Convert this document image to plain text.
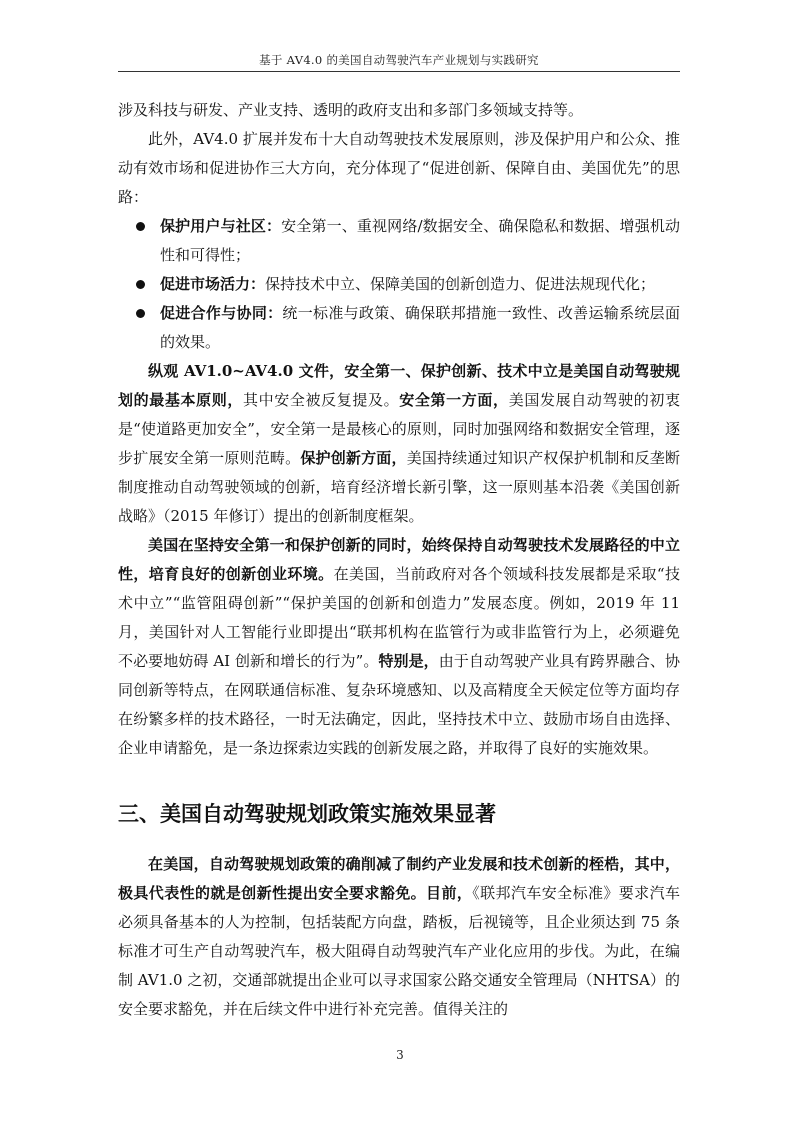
基于 AV4.0 的美国自动驾驶汽车产业规划与实践研究

涉及科技与研发、产业支持、透明的政府支出和多部门多领域支持等。

此外，AV4.0 扩展并发布十大自动驾驶技术发展原则，涉及保护用户和公众、推动有效市场和促进协作三大方向，充分体现了“促进创新、保障自由、美国优先”的思路：

保护用户与社区：安全第一、重视网络/数据安全、确保隐私和数据、增强机动性和可得性；
促进市场活力：保持技术中立、保障美国的创新创造力、促进法规现代化；
促进合作与协同：统一标准与政策、确保联邦措施一致性、改善运输系统层面的效果。

纵观 AV1.0~AV4.0 文件，安全第一、保护创新、技术中立是美国自动驾驶规划的最基本原则，其中安全被反复提及。安全第一方面，美国发展自动驾驶的初衷是“使道路更加安全”，安全第一是最核心的原则，同时加强网络和数据安全管理，逐步扩展安全第一原则范畴。保护创新方面，美国持续通过知识产权保护机制和反垄断制度推动自动驾驶领域的创新，培育经济增长新引擎，这一原则基本沿袭《美国创新战略》（2015 年修订）提出的创新制度框架。

美国在坚持安全第一和保护创新的同时，始终保持自动驾驶技术发展路径的中立性，培育良好的创新创业环境。在美国，当前政府对各个领域科技发展都是采取“技术中立”“监管阻碍创新”“保护美国的创新和创造力”发展态度。例如，2019 年 11 月，美国针对人工智能行业即提出“联邦机构在监管行为或非监管行为上，必须避免不必要地妨碍 AI 创新和增长的行为”。特别是，由于自动驾驶产业具有跨界融合、协同创新等特点，在网联通信标准、复杂环境感知、以及高精度全天候定位等方面均存在纷繁多样的技术路径，一时无法确定，因此，坚持技术中立、鼓励市场自由选择、企业申请豁免，是一条边探索边实践的创新发展之路，并取得了良好的实施效果。

三、美国自动驾驶规划政策实施效果显著

在美国，自动驾驶规划政策的确削减了制约产业发展和技术创新的桎梏，其中，极具代表性的就是创新性提出安全要求豁免。目前，《联邦汽车安全标准》要求汽车必须具备基本的人为控制，包括装配方向盘，踏板，后视镜等，且企业须达到 75 条标准才可生产自动驾驶汽车，极大阻碍自动驾驶汽车产业化应用的步伐。为此，在编制 AV1.0 之初，交通部就提出企业可以寻求国家公路交通安全管理局（NHTSA）的安全要求豁免，并在后续文件中进行补充完善。值得关注的

3
